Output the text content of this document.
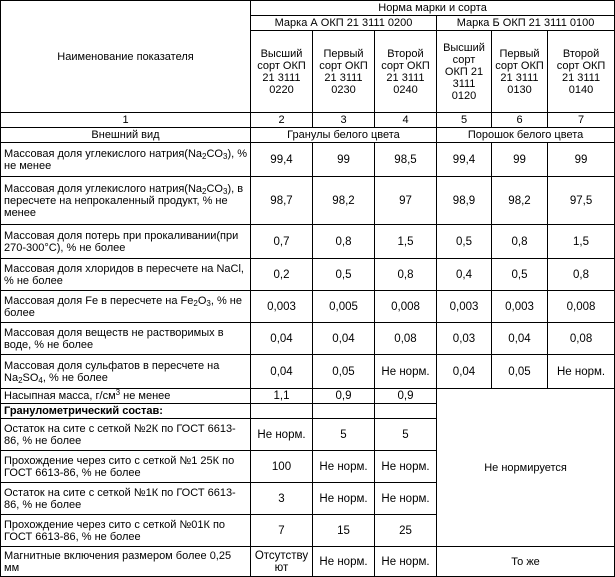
Наименование показателя	Норма марки и сорта					
	Марка А ОКП 21 3111 0200			Марка Б ОКП 21 3111 0100		
	Высший сорт ОКП 21 3111 0220	Первый сорт ОКП 21 3111 0230	Второй сорт ОКП 21 3111 0240	Высший сорт ОКП 21 3111 0120	Первый сорт ОКП 21 3111 0130	Второй сорт ОКП 21 3111 0140
1	2	3	4	5	6	7
Внешний вид	Гранулы белого цвета			Порошок белого цвета		
Массовая доля углекислого $натрия(Na_2CO_3)$, % не менее	99,4	99	98,5	99,4	99	99
Массовая доля углекислого $натрия(Na_2CO_3)$, в пересчете на непрокаленный продукт, % не менее	98,7	98,2	97	98,9	98,2	97,5
Массовая доля потерь при прокаливании(при 270-300°С), % не более	0,7	0,8	1,5	0,5	0,8	1,5
Массовая доля хлоридов в пересчете на NaCl, % не более	0,2	0,5	0,8	0,4	0,5	0,8
Массовая доля Fe в пересчете на $Fe_2O_3$, % не более	0,003	0,005	0,008	0,003	0,003	0,008
Массовая доля веществ не растворимых в воде, % не более	0,04	0,04	0,08	0,03	0,04	0,08
Массовая доля сульфатов в пересчете на $Na_2SO_4$, % не более	0,04	0,05	Не норм.	0,04	0,05	Не норм.
Насыпная масса, $г/см^3$ не менее	1,1	0,9	0,9	Не нормируется		
Гранулометрический состав:						
Остаток на сите с сеткой №2К по ГОСТ 6613-86, % не более	Не норм.	5	5			
Прохождение через сито с сеткой №1 25К по ГОСТ 6613-86, % не более	100	Не норм.	Не норм.			
Остаток на сите с сеткой №1К по ГОСТ 6613-86, % не более	3	Не норм.	Не норм.			
Прохождение через сито с сеткой №01К по ГОСТ 6613-86, % не более	7	15	25			
Магнитные включения размером более 0,25 мм	Отсутствуют	Не норм.	Не норм.	То же		
